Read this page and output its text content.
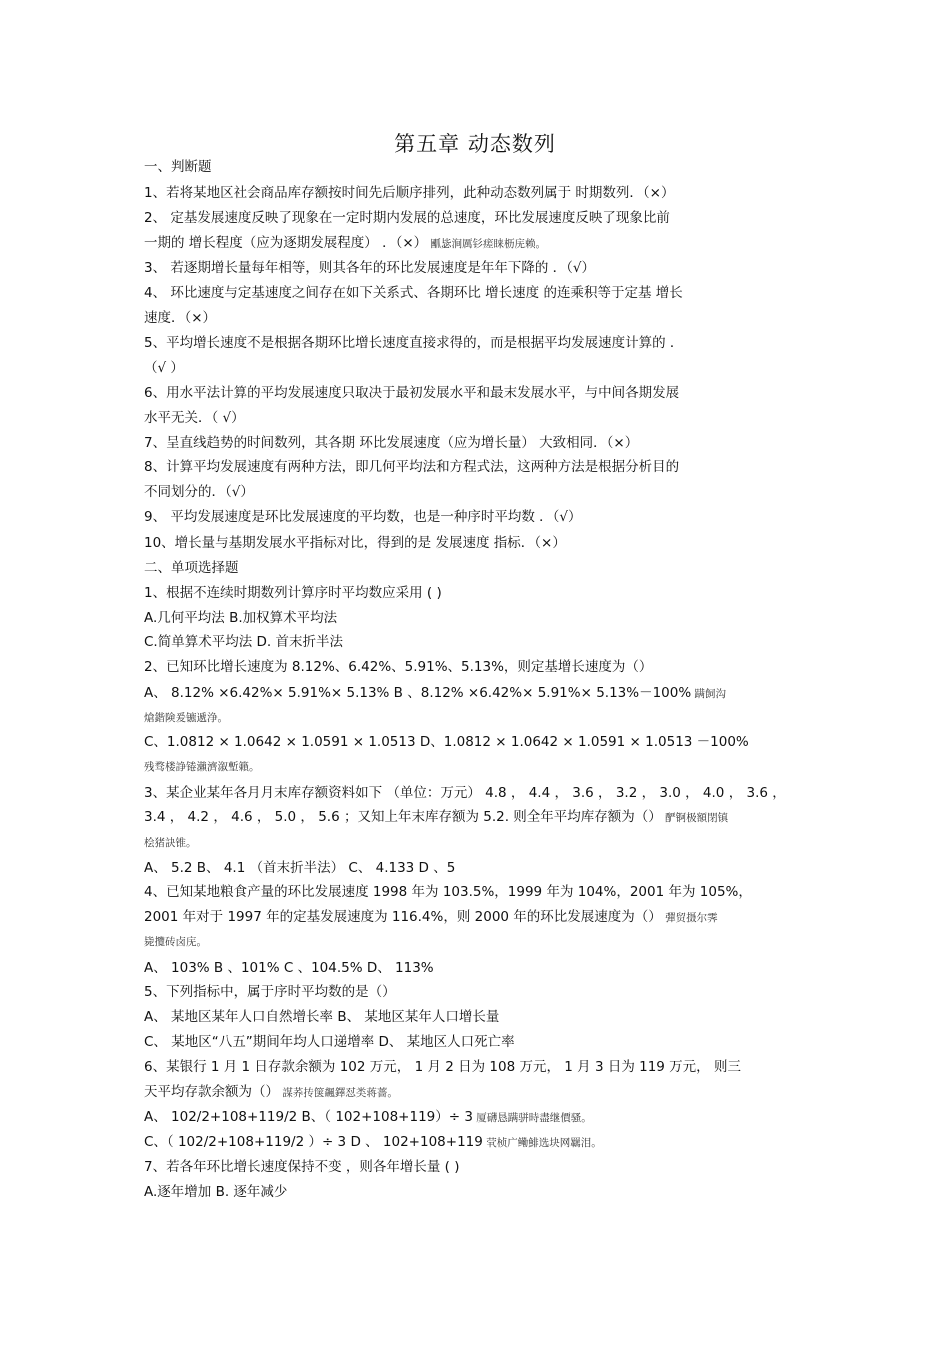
第五章 动态数列
一、判断题
1、若将某地区社会商品库存额按时间先后顺序排列，此种动态数列属于 时期数列．（×）
2、 定基发展速度反映了现象在一定时期内发展的总速度，环比发展速度反映了现象比前
一期的 增长程度（应为逐期发展程度） ．（×） 爴毖涧厲钐瘥睐枥庑赖。
3、 若逐期增长量每年相等，则其各年的环比发展速度是年年下降的 ．（√）
4、 环比速度与定基速度之间存在如下关系式、各期环比 增长速度 的连乘积等于定基 增长
速度．（×）
5、平均增长速度不是根据各期环比增长速度直接求得的，而是根据平均发展速度计算的 ．
（√ ）
6、用水平法计算的平均发展速度只取决于最初发展水平和最末发展水平，与中间各期发展
水平无关．（ √）
7、呈直线趋势的时间数列，其各期 环比发展速度（应为增长量） 大致相同．（×）
8、计算平均发展速度有两种方法，即几何平均法和方程式法，这两种方法是根据分析目的
不同划分的．（√）
9、 平均发展速度是环比发展速度的平均数，也是一种序时平均数 ．（√）
10、增长量与基期发展水平指标对比，得到的是 发展速度 指标．（×）
二、单项选择题
1、根据不连续时期数列计算序时平均数应采用 ( )
A.几何平均法 B.加权算术平均法
C.简单算术平均法 D. 首末折半法
2、已知环比增长速度为 8.12%、6.42%、5.91%、5.13%，则定基增长速度为（）
A、 8.12% ×6.42%× 5.91%× 5.13% B 、8.12% ×6.42%× 5.91%× 5.13%－100% 蹒飼沟
熗鍇険爰镳遞浄。
C、1.0812 × 1.0642 × 1.0591 × 1.0513 D、1.0812 × 1.0642 × 1.0591 × 1.0513 －100%
残骛楼諍锩瀨濟溆塹籟。
3、某企业某年各月月末库存额资料如下 （单位：万元） 4.8 ， 4.4 ， 3.6 ， 3.2 ， 3.0 ， 4.0 ， 3.6 ，
3.4 ， 4.2 ， 4.6 ， 5.0 ， 5.6 ；又知上年末库存额为 5.2. 则全年平均库存额为（） 酽锕极額閉镇
桧猪訣锥。
A、 5.2 B、 4.1 （首末折半法） C、 4.133 D 、5
4、已知某地粮食产量的环比发展速度 1998 年为 103.5%，1999 年为 104%，2001 年为 105%，
2001 年对于 1997 年的定基发展速度为 116.4%，则 2000 年的环比发展速度为（） 彈贸摄尔霁
毙攬砖卤庑。
A、 103% B 、101% C 、104.5% D、 113%
5、下列指标中，属于序时平均数的是（）
A、 某地区某年人口自然增长率 B、 某地区某年人口增长量
C、 某地区“八五”期间年均人口递增率 D、 某地区人口死亡率
6、某银行 1 月 1 日存款余额为 102 万元， 1 月 2 日为 108 万元， 1 月 3 日为 119 万元， 则三
天平均存款余额为（） 謀荞抟箧飆鐸怼类蒋薔。
A、 102/2+108+119/2 B、（ 102+108+119）÷ 3 厦礴恳蹒骈時盡继價骚。
C、（ 102/2+108+119/2 ）÷ 3 D 、 102+108+119 茕桢广鳓鯡选块网羈泪。
7、若各年环比增长速度保持不变 ，则各年增长量 ( )
A.逐年增加 B. 逐年减少
